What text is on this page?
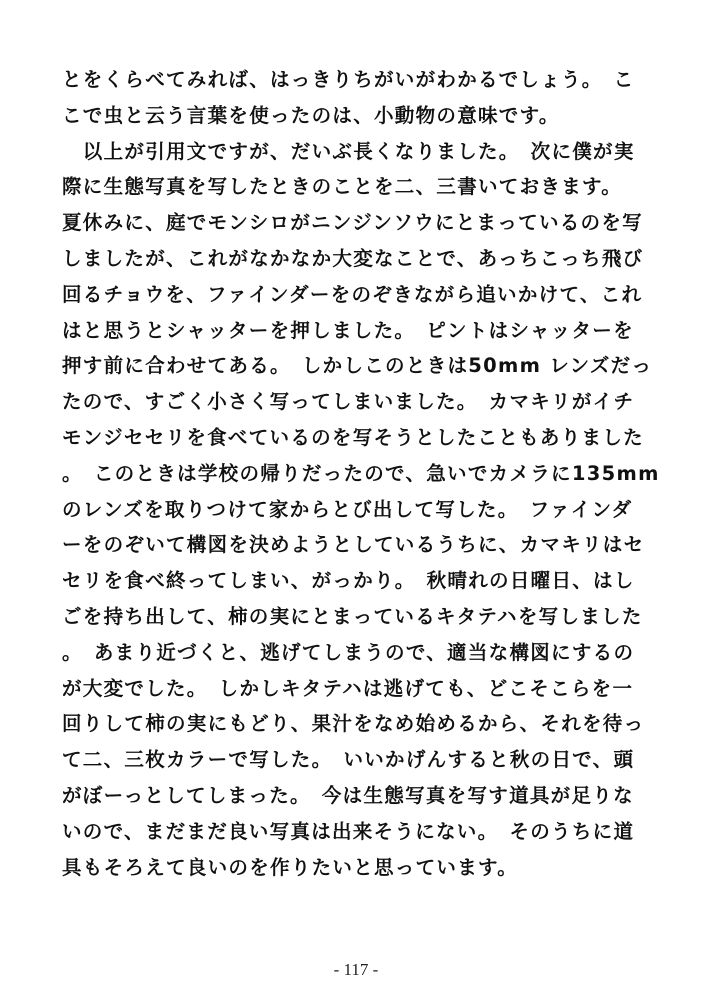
とをくらべてみれば、はっきりちがいがわかるでしょう。　こ
こで虫と云う言葉を使ったのは、小動物の意味です。
　以上が引用文ですが、だいぶ長くなりました。　次に僕が実
際に生態写真を写したときのことを二、三書いておきます。
夏休みに、庭でモンシロがニンジンソウにとまっているのを写
しましたが、これがなかなか大変なことで、あっちこっち飛び
回るチョウを、ファインダーをのぞきながら追いかけて、これ
はと思うとシャッターを押しました。　ピントはシャッターを
押す前に合わせてある。　しかしこのときは50mm レンズだっ
たので、すごく小さく写ってしまいました。　カマキリがイチ
モンジセセリを食べているのを写そうとしたこともありました
。　このときは学校の帰りだったので、急いでカメラに135mm
のレンズを取りつけて家からとび出して写した。　ファインダ
ーをのぞいて構図を決めようとしているうちに、カマキリはセ
セリを食べ終ってしまい、がっかり。　秋晴れの日曜日、はし
ごを持ち出して、柿の実にとまっているキタテハを写しました
。　あまり近づくと、逃げてしまうので、適当な構図にするの
が大変でした。　しかしキタテハは逃げても、どこそこらを一
回りして柿の実にもどり、果汁をなめ始めるから、それを待っ
て二、三枚カラーで写した。　いいかげんすると秋の日で、頭
がぼーっとしてしまった。　今は生態写真を写す道具が足りな
いので、まだまだ良い写真は出来そうにない。　そのうちに道
具もそろえて良いのを作りたいと思っています。
- 117 -
